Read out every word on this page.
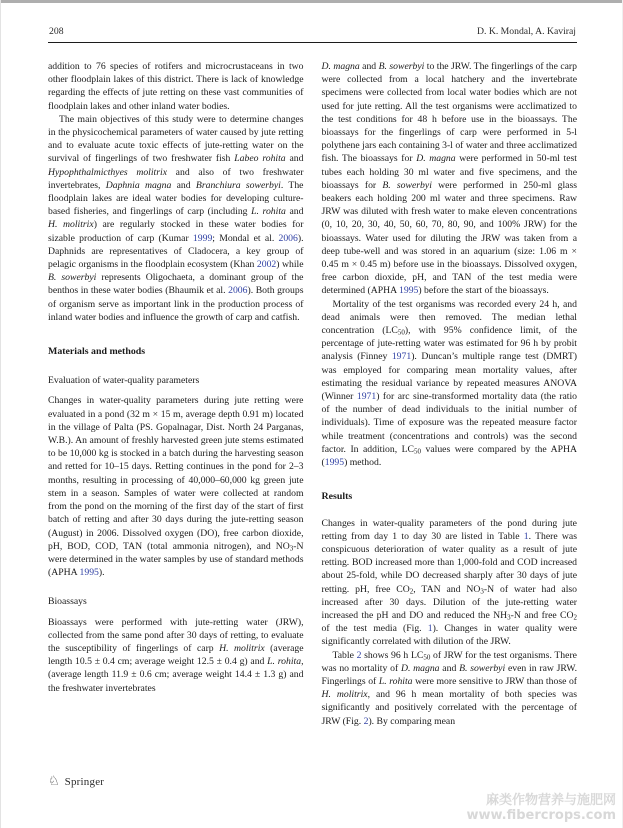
208	D. K. Mondal, A. Kaviraj

addition to 76 species of rotifers and microcrustaceans in two other floodplain lakes of this district. There is lack of knowledge regarding the effects of jute retting on these vast communities of floodplain lakes and other inland water bodies.

The main objectives of this study were to determine changes in the physicochemical parameters of water caused by jute retting and to evaluate acute toxic effects of jute-retting water on the survival of fingerlings of two freshwater fish Labeo rohita and Hypophthalmicthyes molitrix and also of two freshwater invertebrates, Daphnia magna and Branchiura sowerbyi. The floodplain lakes are ideal water bodies for developing culture-based fisheries, and fingerlings of carp (including L. rohita and H. molitrix) are regularly stocked in these water bodies for sizable production of carp (Kumar 1999; Mondal et al. 2006). Daphnids are representatives of Cladocera, a key group of pelagic organisms in the floodplain ecosystem (Khan 2002) while B. sowerbyi represents Oligochaeta, a dominant group of the benthos in these water bodies (Bhaumik et al. 2006). Both groups of organism serve as important link in the production process of inland water bodies and influence the growth of carp and catfish.

Materials and methods
Evaluation of water-quality parameters

Changes in water-quality parameters during jute retting were evaluated in a pond (32 m × 15 m, average depth 0.91 m) located in the village of Palta (PS. Gopalnagar, Dist. North 24 Parganas, W.B.). An amount of freshly harvested green jute stems estimated to be 10,000 kg is stocked in a batch during the harvesting season and retted for 10–15 days. Retting continues in the pond for 2–3 months, resulting in processing of 40,000–60,000 kg green jute stem in a season. Samples of water were collected at random from the pond on the morning of the first day of the start of first batch of retting and after 30 days during the jute-retting season (August) in 2006. Dissolved oxygen (DO), free carbon dioxide, pH, BOD, COD, TAN (total ammonia nitrogen), and NO3-N were determined in the water samples by use of standard methods (APHA 1995).

Bioassays

Bioassays were performed with jute-retting water (JRW), collected from the same pond after 30 days of retting, to evaluate the susceptibility of fingerlings of carp H. molitrix (average length 10.5 ± 0.4 cm; average weight 12.5 ± 0.4 g) and L. rohita, (average length 11.9 ± 0.6 cm; average weight 14.4 ± 1.3 g) and the freshwater invertebrates

D. magna and B. sowerbyi to the JRW. The fingerlings of the carp were collected from a local hatchery and the invertebrate specimens were collected from local water bodies which are not used for jute retting. All the test organisms were acclimatized to the test conditions for 48 h before use in the bioassays. The bioassays for the fingerlings of carp were performed in 5-l polythene jars each containing 3-l of water and three acclimatized fish. The bioassays for D. magna were performed in 50-ml test tubes each holding 30 ml water and five specimens, and the bioassays for B. sowerbyi were performed in 250-ml glass beakers each holding 200 ml water and three specimens. Raw JRW was diluted with fresh water to make eleven concentrations (0, 10, 20, 30, 40, 50, 60, 70, 80, 90, and 100% JRW) for the bioassays. Water used for diluting the JRW was taken from a deep tube-well and was stored in an aquarium (size: 1.06 m × 0.45 m × 0.45 m) before use in the bioassays. Dissolved oxygen, free carbon dioxide, pH, and TAN of the test media were determined (APHA 1995) before the start of the bioassays.

Mortality of the test organisms was recorded every 24 h, and dead animals were then removed. The median lethal concentration (LC50), with 95% confidence limit, of the percentage of jute-retting water was estimated for 96 h by probit analysis (Finney 1971). Duncan’s multiple range test (DMRT) was employed for comparing mean mortality values, after estimating the residual variance by repeated measures ANOVA (Winner 1971) for arc sine-transformed mortality data (the ratio of the number of dead individuals to the initial number of individuals). Time of exposure was the repeated measure factor while treatment (concentrations and controls) was the second factor. In addition, LC50 values were compared by the APHA (1995) method.

Results

Changes in water-quality parameters of the pond during jute retting from day 1 to day 30 are listed in Table 1. There was conspicuous deterioration of water quality as a result of jute retting. BOD increased more than 1,000-fold and COD increased about 25-fold, while DO decreased sharply after 30 days of jute retting. pH, free CO2, TAN and NO3-N of water had also increased after 30 days. Dilution of the jute-retting water increased the pH and DO and reduced the NH3-N and free CO2 of the test media (Fig. 1). Changes in water quality were significantly correlated with dilution of the JRW.

Table 2 shows 96 h LC50 of JRW for the test organisms. There was no mortality of D. magna and B. sowerbyi even in raw JRW. Fingerlings of L. rohita were more sensitive to JRW than those of H. molitrix, and 96 h mean mortality of both species was significantly and positively correlated with the percentage of JRW (Fig. 2). By comparing mean

♘ Springer
麻类作物营养与施肥网
www.fibercrops.com
